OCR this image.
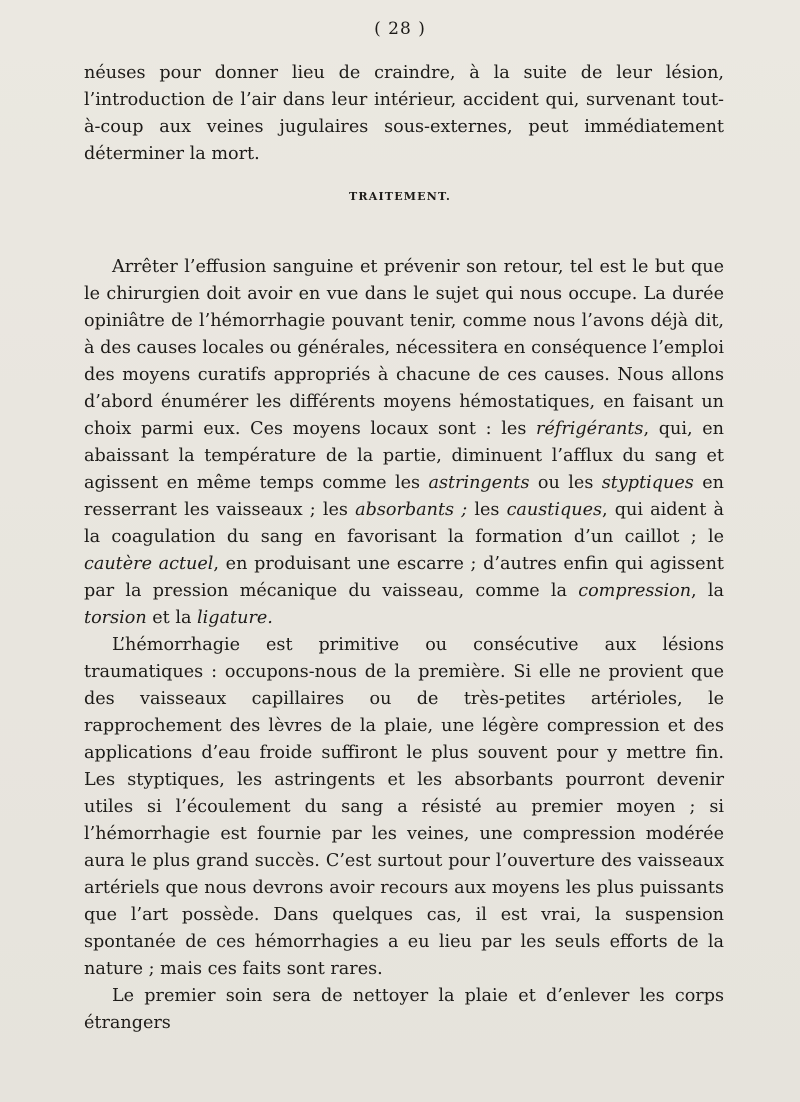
( 28 )
néuses pour donner lieu de craindre, à la suite de leur lésion, l’introduction de l’air dans leur intérieur, accident qui, survenant tout-à-coup aux veines jugulaires sous-externes, peut immédiatement déterminer la mort.
TRAITEMENT.

Arrêter l’effusion sanguine et prévenir son retour, tel est le but que le chirurgien doit avoir en vue dans le sujet qui nous occupe. La durée opiniâtre de l’hémorrhagie pouvant tenir, comme nous l’avons déjà dit, à des causes locales ou générales, nécessitera en conséquence l’emploi des moyens curatifs appropriés à chacune de ces causes. Nous allons d’abord énumérer les différents moyens hémostatiques, en faisant un choix parmi eux. Ces moyens locaux sont : les réfrigérants, qui, en abaissant la température de la partie, diminuent l’afflux du sang et agissent en même temps comme les astringents ou les styptiques en resserrant les vaisseaux ; les absorbants ; les caustiques, qui aident à la coagulation du sang en favorisant la formation d’un caillot ; le cautère actuel, en produisant une escarre ; d’autres enfin qui agissent par la pression mécanique du vaisseau, comme la compression, la torsion et la ligature.

L’hémorrhagie est primitive ou consécutive aux lésions traumatiques : occupons-nous de la première. Si elle ne provient que des vaisseaux capillaires ou de très-petites artérioles, le rapprochement des lèvres de la plaie, une légère compression et des applications d’eau froide suffiront le plus souvent pour y mettre fin. Les styptiques, les astringents et les absorbants pourront devenir utiles si l’écoulement du sang a résisté au premier moyen ; si l’hémorrhagie est fournie par les veines, une compression modérée aura le plus grand succès. C’est surtout pour l’ouverture des vaisseaux artériels que nous devrons avoir recours aux moyens les plus puissants que l’art possède. Dans quelques cas, il est vrai, la suspension spontanée de ces hémorrhagies a eu lieu par les seuls efforts de la nature ; mais ces faits sont rares.

Le premier soin sera de nettoyer la plaie et d’enlever les corps étrangers
